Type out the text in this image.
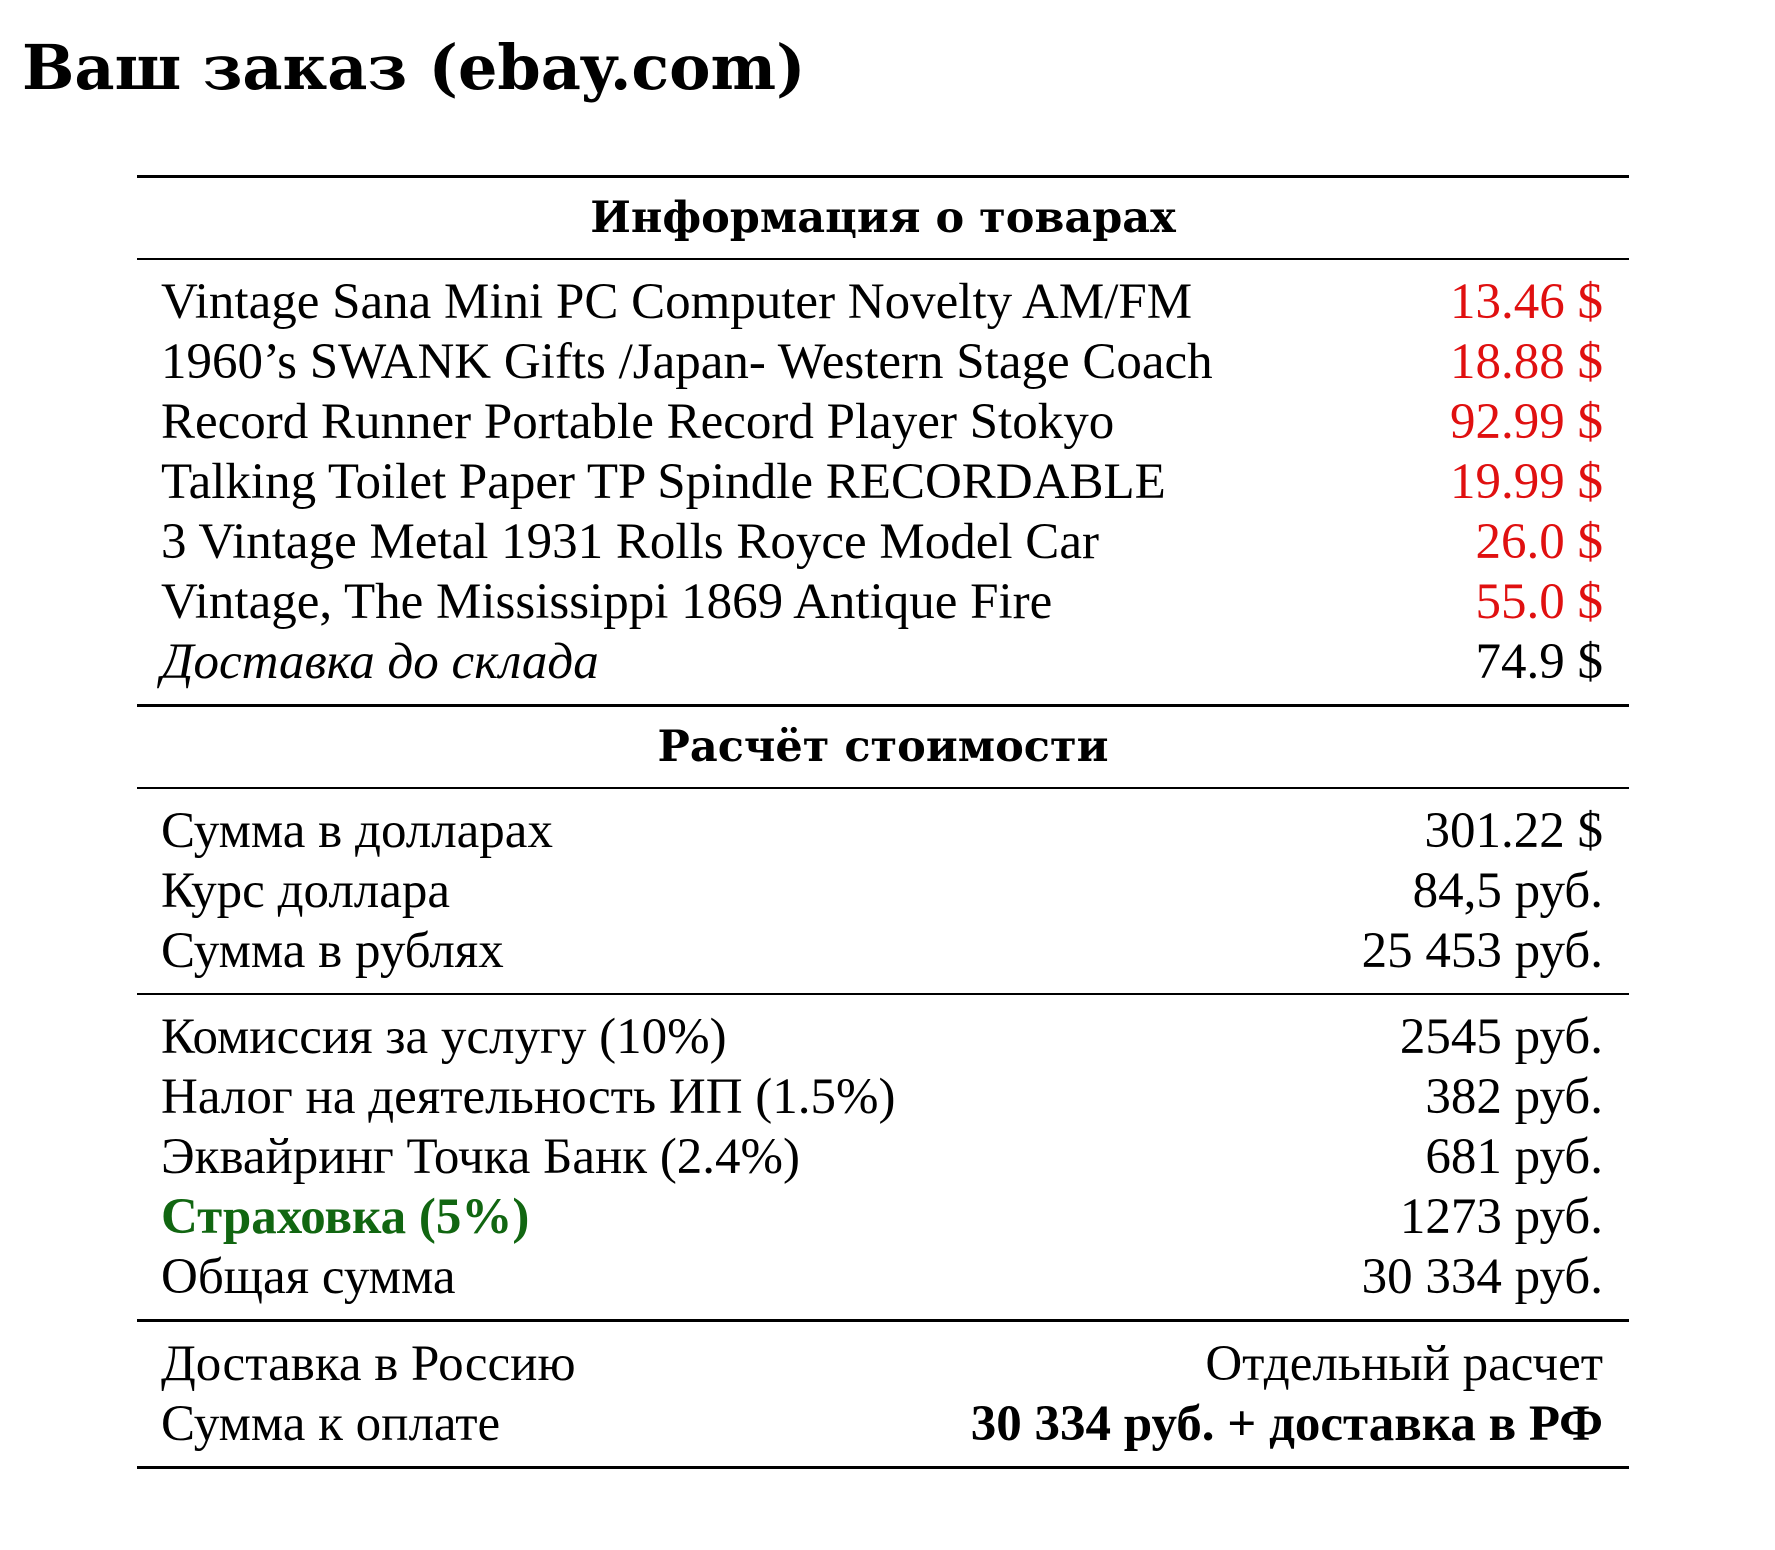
Ваш заказ (ebay.com)
Информация о товарах
Vintage Sana Mini PC Computer Novelty AM/FM	13.46 $
1960’s SWANK Gifts /Japan- Western Stage Coach	18.88 $
Record Runner Portable Record Player Stokyo	92.99 $
Talking Toilet Paper TP Spindle RECORDABLE	19.99 $
3 Vintage Metal 1931 Rolls Royce Model Car	26.0 $
Vintage, The Mississippi 1869 Antique Fire	55.0 $
Доставка до склада	74.9 $
Расчёт стоимости
Сумма в долларах	301.22 $
Курс доллара	84,5 руб.
Сумма в рублях	25 453 руб.
Комиссия за услугу (10%)	2545 руб.
Налог на деятельность ИП (1.5%)	382 руб.
Эквайринг Точка Банк (2.4%)	681 руб.
Страховка (5%)	1273 руб.
Общая сумма	30 334 руб.
Доставка в Россию	Отдельный расчет
Сумма к оплате	30 334 руб. + доставка в РФ
